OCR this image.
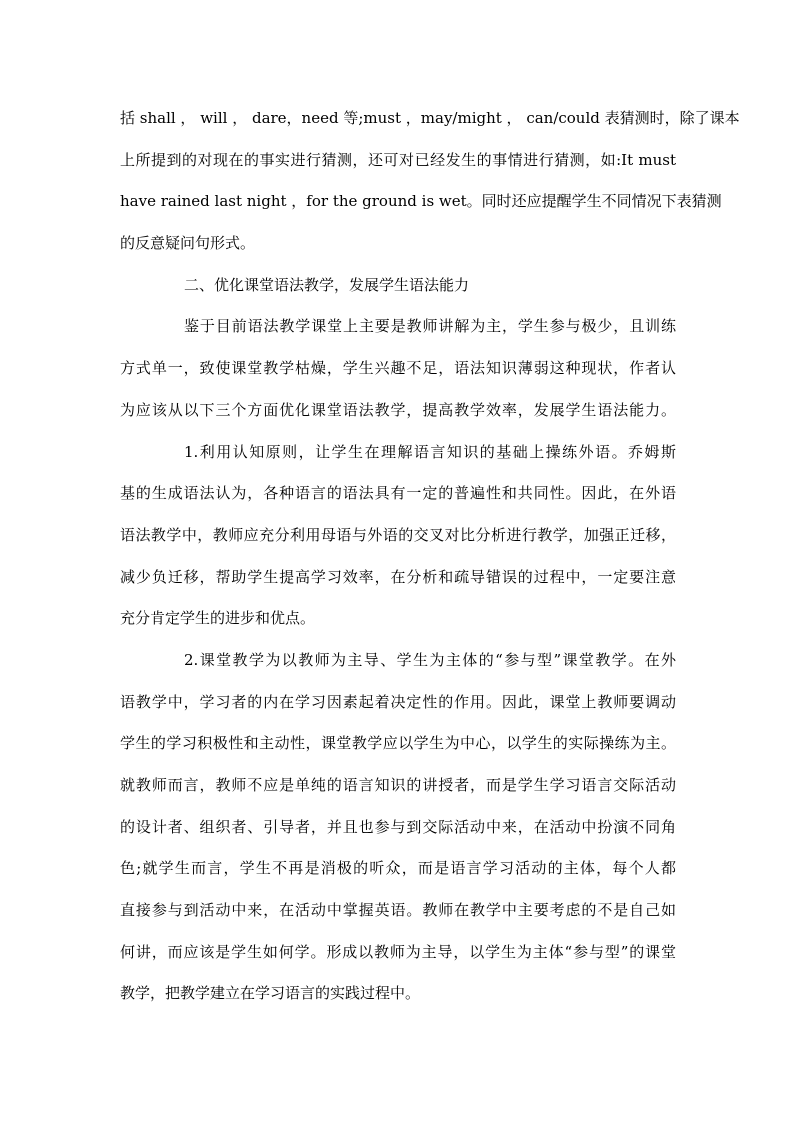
括 shall ， will ， dare，need 等;must ，may/might ， can/could 表猜测时，除了课本
上所提到的对现在的事实进行猜测，还可对已经发生的事情进行猜测，如:It must
have rained last night ，for the ground is wet。同时还应提醒学生不同情况下表猜测
的反意疑问句形式。
二、优化课堂语法教学，发展学生语法能力
鉴于目前语法教学课堂上主要是教师讲解为主，学生参与极少，且训练
方式单一，致使课堂教学枯燥，学生兴趣不足，语法知识薄弱这种现状，作者认
为应该从以下三个方面优化课堂语法教学，提高教学效率，发展学生语法能力。
1.利用认知原则，让学生在理解语言知识的基础上操练外语。乔姆斯
基的生成语法认为，各种语言的语法具有一定的普遍性和共同性。因此，在外语
语法教学中，教师应充分利用母语与外语的交叉对比分析进行教学，加强正迁移，
减少负迁移，帮助学生提高学习效率，在分析和疏导错误的过程中，一定要注意
充分肯定学生的进步和优点。
2.课堂教学为以教师为主导、学生为主体的“参与型”课堂教学。在外
语教学中，学习者的内在学习因素起着决定性的作用。因此，课堂上教师要调动
学生的学习积极性和主动性，课堂教学应以学生为中心，以学生的实际操练为主。
就教师而言，教师不应是单纯的语言知识的讲授者，而是学生学习语言交际活动
的设计者、组织者、引导者，并且也参与到交际活动中来，在活动中扮演不同角
色;就学生而言，学生不再是消极的听众，而是语言学习活动的主体，每个人都
直接参与到活动中来，在活动中掌握英语。教师在教学中主要考虑的不是自己如
何讲，而应该是学生如何学。形成以教师为主导，以学生为主体“参与型”的课堂
教学，把教学建立在学习语言的实践过程中。
